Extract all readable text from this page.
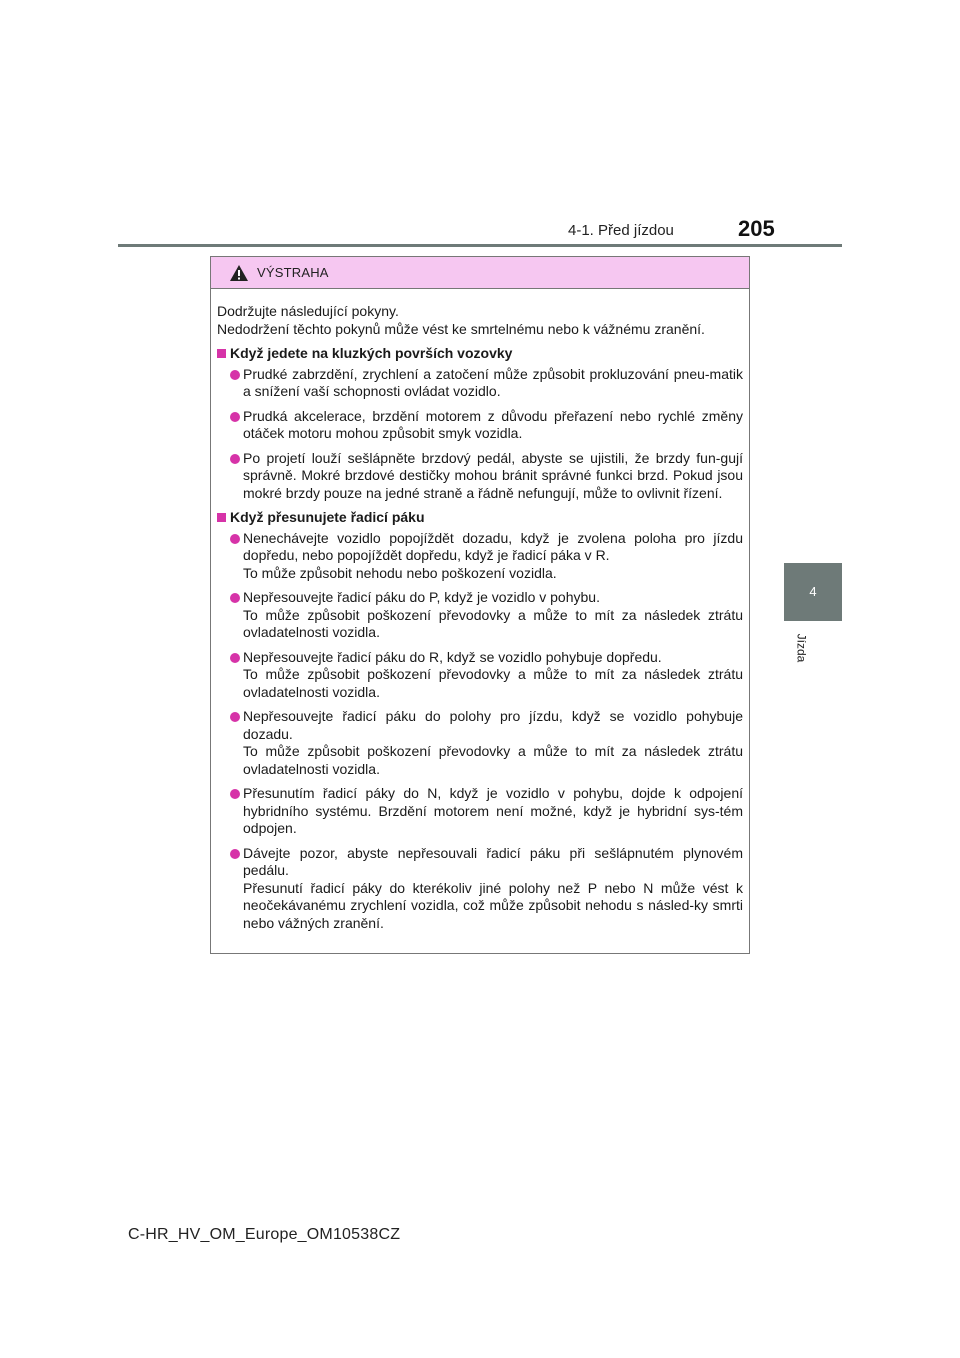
4-1. Před jízdou	205
4
Jízda
VÝSTRAHA

Dodržujte následující pokyny.

Nedodržení těchto pokynů může vést ke smrtelnému nebo k vážnému zranění.

Když jedete na kluzkých površích vozovky
Prudké zabrzdění, zrychlení a zatočení může způsobit prokluzování pneu-matik a snížení vaší schopnosti ovládat vozidlo.
Prudká akcelerace, brzdění motorem z důvodu přeřazení nebo rychlé změny otáček motoru mohou způsobit smyk vozidla.
Po projetí louží sešlápněte brzdový pedál, abyste se ujistili, že brzdy fun-gují správně. Mokré brzdové destičky mohou bránit správné funkci brzd. Pokud jsou mokré brzdy pouze na jedné straně a řádně nefungují, může to ovlivnit řízení.
Když přesunujete řadicí páku
Nenechávejte vozidlo popojíždět dozadu, když je zvolena poloha pro jízdu dopředu, nebo popojíždět dopředu, když je řadicí páka v R.
To může způsobit nehodu nebo poškození vozidla.
Nepřesouvejte řadicí páku do P, když je vozidlo v pohybu.
To může způsobit poškození převodovky a může to mít za následek ztrátu ovladatelnosti vozidla.
Nepřesouvejte řadicí páku do R, když se vozidlo pohybuje dopředu.
To může způsobit poškození převodovky a může to mít za následek ztrátu ovladatelnosti vozidla.
Nepřesouvejte řadicí páku do polohy pro jízdu, když se vozidlo pohybuje dozadu.
To může způsobit poškození převodovky a může to mít za následek ztrátu ovladatelnosti vozidla.
Přesunutím řadicí páky do N, když je vozidlo v pohybu, dojde k odpojení hybridního systému. Brzdění motorem není možné, když je hybridní sys-tém odpojen.
Dávejte pozor, abyste nepřesouvali řadicí páku při sešlápnutém plynovém pedálu.
Přesunutí řadicí páky do kterékoliv jiné polohy než P nebo N může vést k neočekávanému zrychlení vozidla, což může způsobit nehodu s násled-ky smrti nebo vážných zranění.
C-HR_HV_OM_Europe_OM10538CZ
